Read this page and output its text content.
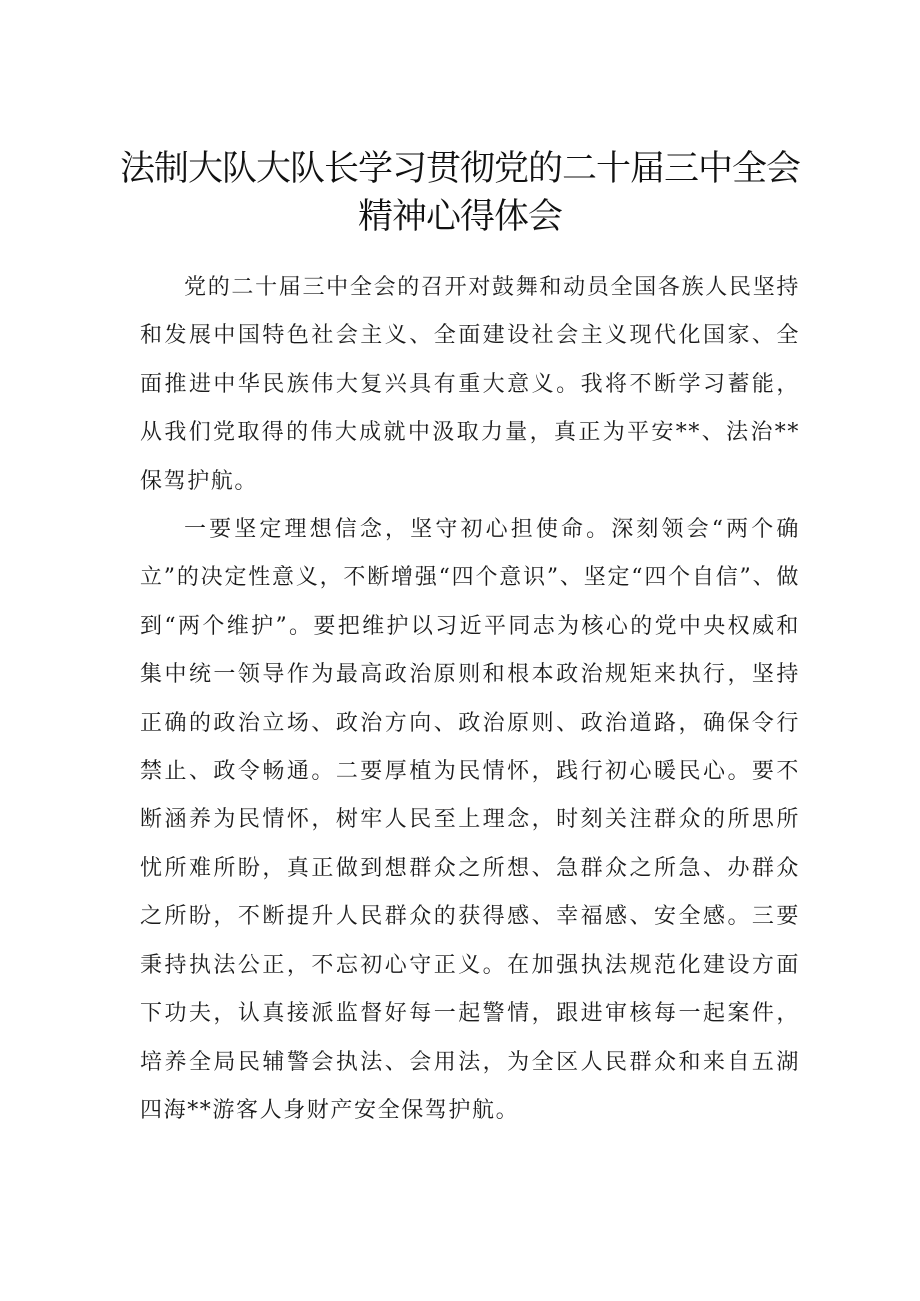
法制大队大队长学习贯彻党的二十届三中全会
精神心得体会

党的二十届三中全会的召开对鼓舞和动员全国各族人民坚持和发展中国特色社会主义、全面建设社会主义现代化国家、全面推进中华民族伟大复兴具有重大意义。我将不断学习蓄能，从我们党取得的伟大成就中汲取力量，真正为平安**、法治**保驾护航。

一要坚定理想信念，坚守初心担使命。深刻领会“两个确立”的决定性意义，不断增强“四个意识”、坚定“四个自信”、做到“两个维护”。要把维护以习近平同志为核心的党中央权威和集中统一领导作为最高政治原则和根本政治规矩来执行，坚持正确的政治立场、政治方向、政治原则、政治道路，确保令行禁止、政令畅通。二要厚植为民情怀，践行初心暖民心。要不断涵养为民情怀，树牢人民至上理念，时刻关注群众的所思所忧所难所盼，真正做到想群众之所想、急群众之所急、办群众之所盼，不断提升人民群众的获得感、幸福感、安全感。三要秉持执法公正，不忘初心守正义。在加强执法规范化建设方面下功夫，认真接派监督好每一起警情，跟进审核每一起案件，培养全局民辅警会执法、会用法，为全区人民群众和来自五湖四海**游客人身财产安全保驾护航。
